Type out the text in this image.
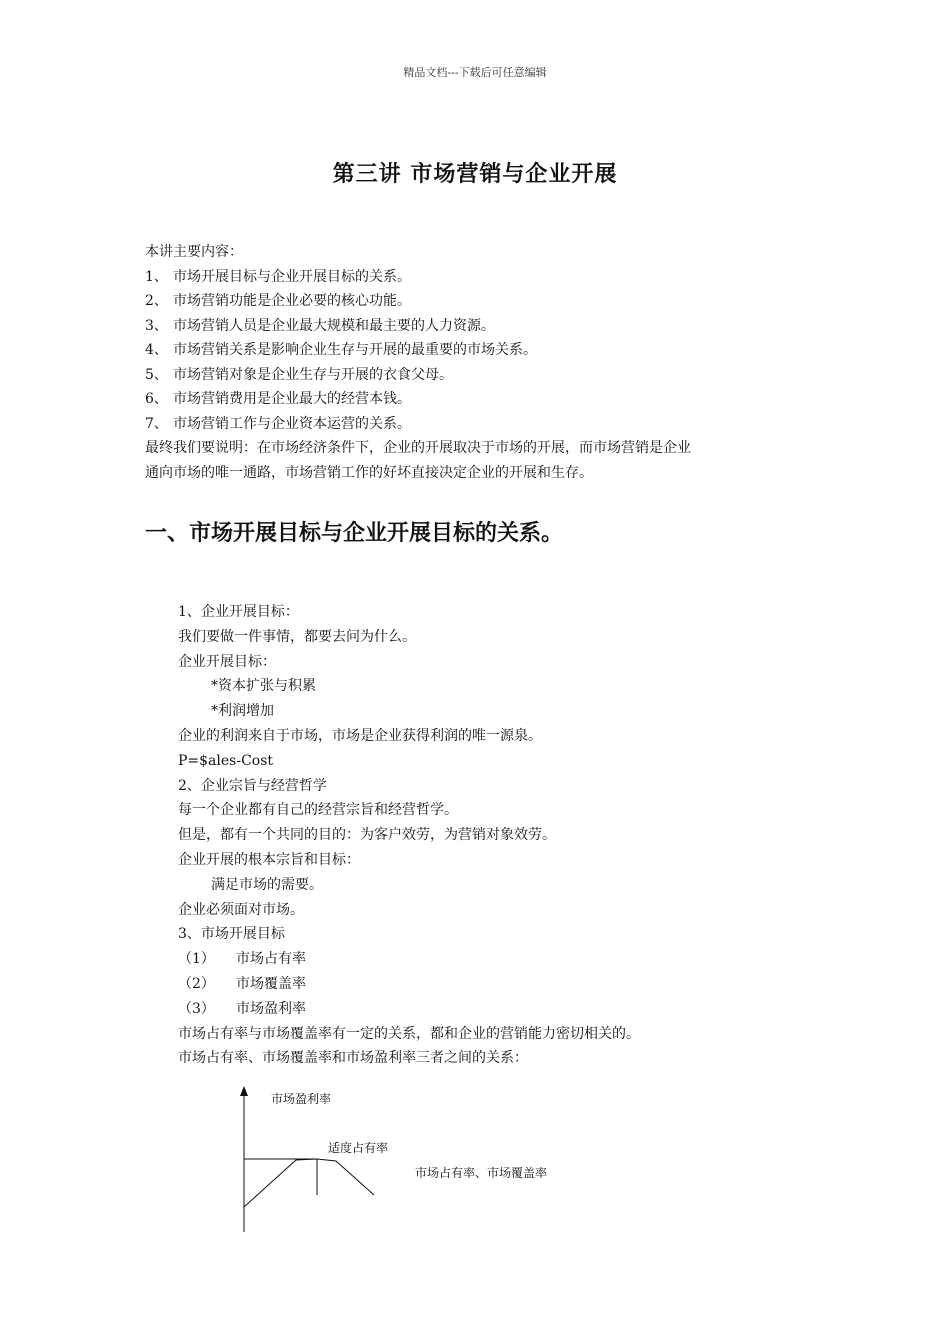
精品文档---下载后可任意编辑
第三讲 市场营销与企业开展

本讲主要内容：

1、 市场开展目标与企业开展目标的关系。

2、 市场营销功能是企业必要的核心功能。

3、 市场营销人员是企业最大规模和最主要的人力资源。

4、 市场营销关系是影响企业生存与开展的最重要的市场关系。

5、 市场营销对象是企业生存与开展的衣食父母。

6、 市场营销费用是企业最大的经营本钱。

7、 市场营销工作与企业资本运营的关系。

最终我们要说明：在市场经济条件下，企业的开展取决于市场的开展，而市场营销是企业

通向市场的唯一通路，市场营销工作的好坏直接决定企业的开展和生存。

一、市场开展目标与企业开展目标的关系。

1、企业开展目标：

我们要做一件事情，都要去问为什么。

企业开展目标：

*资本扩张与积累

*利润增加

企业的利润来自于市场，市场是企业获得利润的唯一源泉。

P=$ales-Cost

2、企业宗旨与经营哲学

每一个企业都有自己的经营宗旨和经营哲学。

但是，都有一个共同的目的：为客户效劳，为营销对象效劳。

企业开展的根本宗旨和目标：

满足市场的需要。

企业必须面对市场。

3、市场开展目标

（1） 市场占有率

（2） 市场覆盖率

（3） 市场盈利率

市场占有率与市场覆盖率有一定的关系，都和企业的营销能力密切相关的。

市场占有率、市场覆盖率和市场盈利率三者之间的关系：

市场盈利率
适度占有率
市场占有率、市场覆盖率
